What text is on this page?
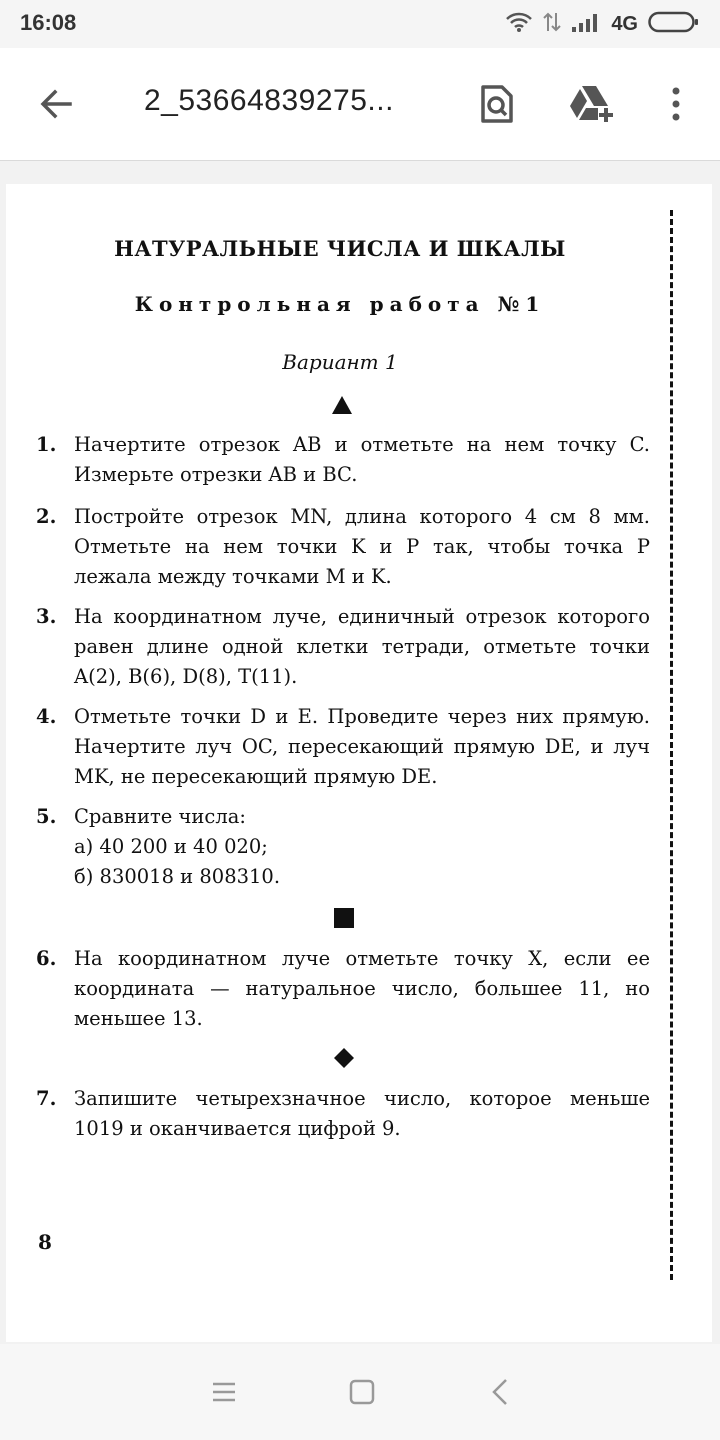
16:08	4G
2_53664839275...
НАТУРАЛЬНЫЕ ЧИСЛА И ШКАЛЫ
Контрольная работа №1
Вариант 1
1. Начертите отрезок AB и отметьте на нем точку C. Измерьте отрезки AB и BC.
2. Постройте отрезок MN, длина которого 4 см 8 мм. Отметьте на нем точки K и P так, чтобы точка P лежала между точками M и K.
3. На координатном луче, единичный отрезок которого равен длине одной клетки тетради, отметьте точки A(2), B(6), D(8), T(11).
4. Отметьте точки D и E. Проведите через них прямую. Начертите луч OC, пересекающий прямую DE, и луч MK, не пересекающий прямую DE.
5. Сравните числа:
а) 40 200 и 40 020;
б) 830018 и 808310.
6. На координатном луче отметьте точку X, если ее координата — натуральное число, большее 11, но меньшее 13.
7. Запишите четырехзначное число, которое меньше 1019 и оканчивается цифрой 9.
8
